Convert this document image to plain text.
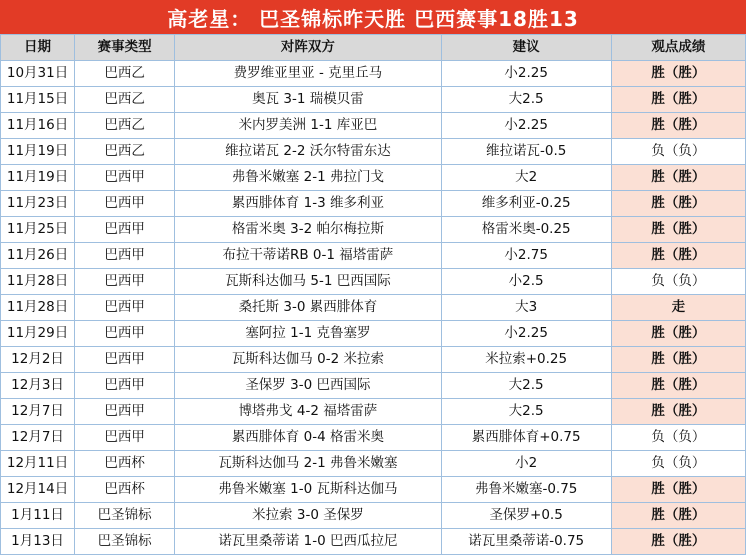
高老星： 巴圣锦标昨天胜 巴西赛事18胜13
日期	赛事类型	对阵双方	建议	观点成绩
10月31日	巴西乙	费罗维亚里亚 - 克里丘马	小2.25	胜（胜）
11月15日	巴西乙	奥瓦 3-1 瑞模贝雷	大2.5	胜（胜）
11月16日	巴西乙	米内罗美洲 1-1 库亚巴	小2.25	胜（胜）
11月19日	巴西乙	维拉诺瓦 2-2 沃尔特雷东达	维拉诺瓦-0.5	负（负）
11月19日	巴西甲	弗鲁米嫩塞 2-1 弗拉门戈	大2	胜（胜）
11月23日	巴西甲	累西腓体育 1-3 维多利亚	维多利亚-0.25	胜（胜）
11月25日	巴西甲	格雷米奥 3-2 帕尔梅拉斯	格雷米奥-0.25	胜（胜）
11月26日	巴西甲	布拉干蒂诺RB 0-1 福塔雷萨	小2.75	胜（胜）
11月28日	巴西甲	瓦斯科达伽马 5-1 巴西国际	小2.5	负（负）
11月28日	巴西甲	桑托斯 3-0 累西腓体育	大3	走
11月29日	巴西甲	塞阿拉 1-1 克鲁塞罗	小2.25	胜（胜）
12月2日	巴西甲	瓦斯科达伽马 0-2 米拉索	米拉索+0.25	胜（胜）
12月3日	巴西甲	圣保罗 3-0 巴西国际	大2.5	胜（胜）
12月7日	巴西甲	博塔弗戈 4-2 福塔雷萨	大2.5	胜（胜）
12月7日	巴西甲	累西腓体育 0-4 格雷米奥	累西腓体育+0.75	负（负）
12月11日	巴西杯	瓦斯科达伽马 2-1 弗鲁米嫩塞	小2	负（负）
12月14日	巴西杯	弗鲁米嫩塞 1-0 瓦斯科达伽马	弗鲁米嫩塞-0.75	胜（胜）
1月11日	巴圣锦标	米拉索 3-0 圣保罗	圣保罗+0.5	胜（胜）
1月13日	巴圣锦标	诺瓦里桑蒂诺 1-0 巴西瓜拉尼	诺瓦里桑蒂诺-0.75	胜（胜）
